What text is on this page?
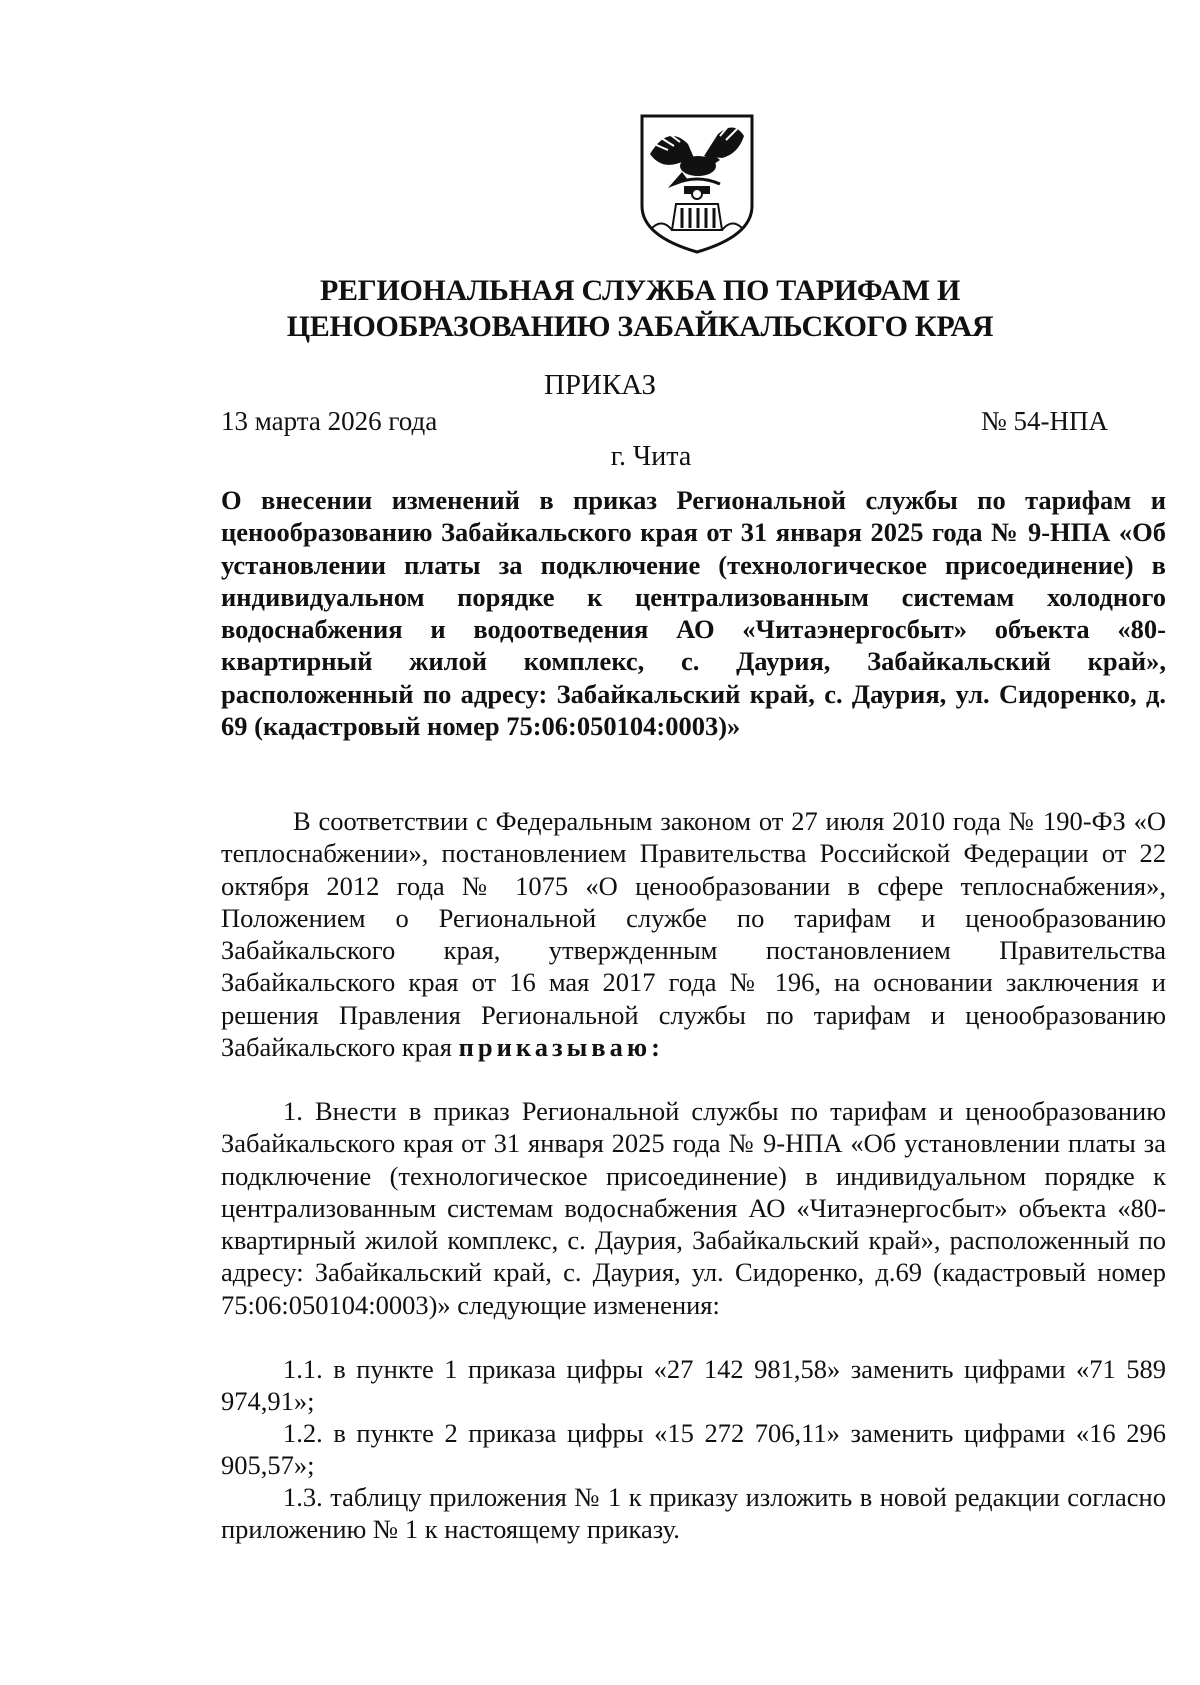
РЕГИОНАЛЬНАЯ СЛУЖБА ПО ТАРИФАМ И
ЦЕНООБРАЗОВАНИЮ ЗАБАЙКАЛЬСКОГО КРАЯ
ПРИКАЗ
13 марта 2026 года	№ 54-НПА
г. Чита
О внесении изменений в приказ Региональной службы по тарифам и ценообразованию Забайкальского края от 31 января 2025 года № 9-НПА «Об установлении платы за подключение (технологическое присоединение) в индивидуальном порядке к централизованным системам холодного водоснабжения и водоотведения АО «Читаэнергосбыт» объекта «80-квартирный жилой комплекс, с. Даурия, Забайкальский край», расположенный по адресу: Забайкальский край, с. Даурия, ул. Сидоренко, д. 69 (кадастровый номер 75:06:050104:0003)»
В соответствии с Федеральным законом от 27 июля 2010 года № 190-ФЗ «О теплоснабжении», постановлением Правительства Российской Федерации от 22 октября 2012 года № 1075 «О ценообразовании в сфере теплоснабжения», Положением о Региональной службе по тарифам и ценообразованию Забайкальского края, утвержденным постановлением Правительства Забайкальского края от 16 мая 2017 года № 196, на основании заключения и решения Правления Региональной службы по тарифам и ценообразованию Забайкальского края приказываю:
1. Внести в приказ Региональной службы по тарифам и ценообразованию Забайкальского края от 31 января 2025 года № 9-НПА «Об установлении платы за подключение (технологическое присоединение) в индивидуальном порядке к централизованным системам водоснабжения АО «Читаэнергосбыт» объекта «80-квартирный жилой комплекс, с. Даурия, Забайкальский край», расположенный по адресу: Забайкальский край, с. Даурия, ул. Сидоренко, д.69 (кадастровый номер 75:06:050104:0003)» следующие изменения:
1.1. в пункте 1 приказа цифры «27 142 981,58» заменить цифрами «71 589 974,91»;
1.2. в пункте 2 приказа цифры «15 272 706,11» заменить цифрами «16 296 905,57»;
1.3. таблицу приложения № 1 к приказу изложить в новой редакции согласно приложению № 1 к настоящему приказу.
